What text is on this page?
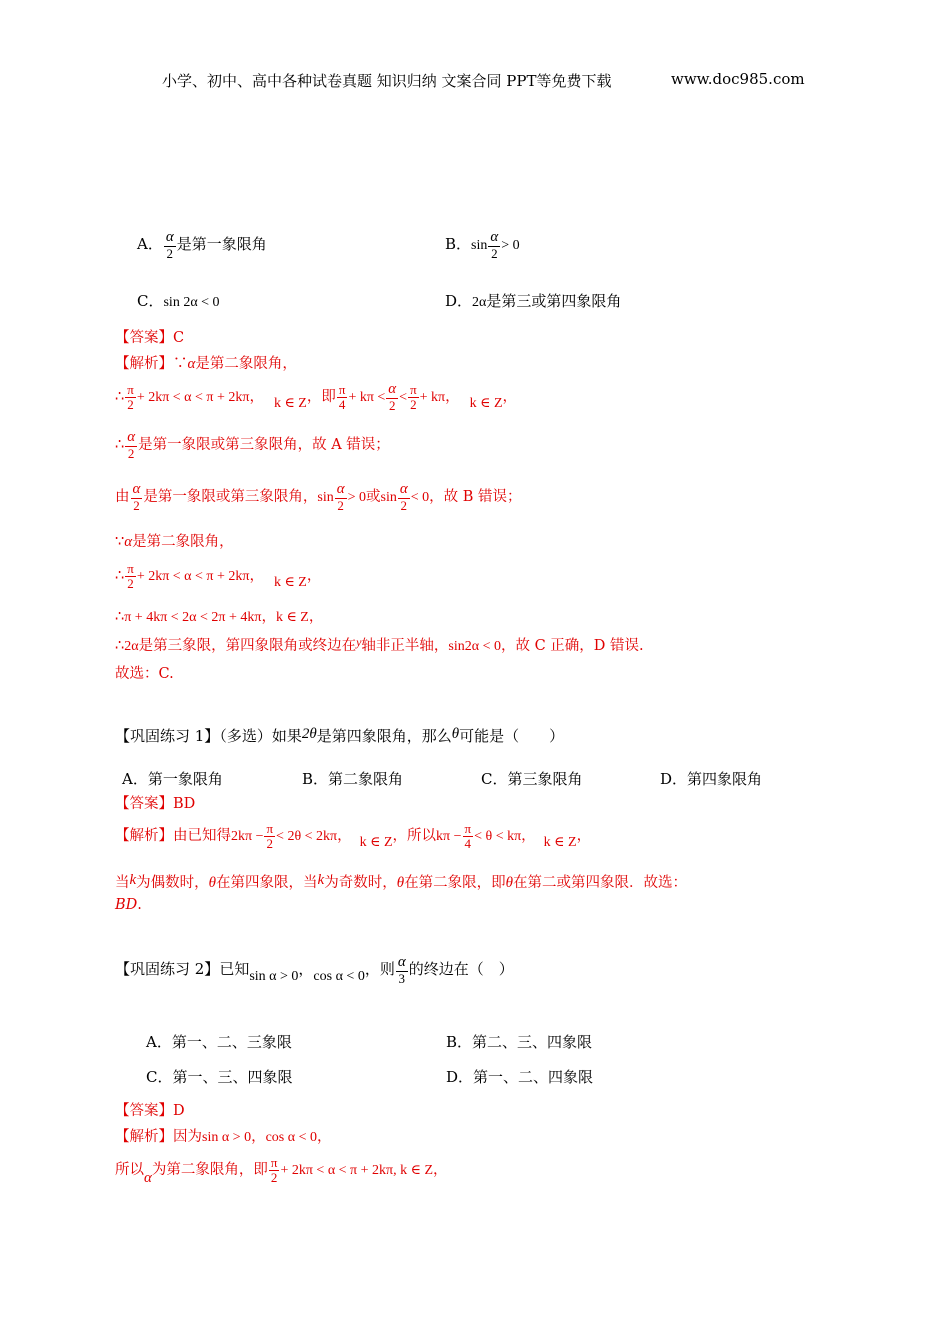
小学、初中、高中各种试卷真题 知识归纳 文案合同 PPT等免费下载	www.doc985.com
A． $\frac{\alpha}{2}$ 是第一象限角	B．$\sin \frac{\alpha}{2} > 0$
C．sin 2α < 0	D．2α是第三或第四象限角
【答案】C
【解析】∵α是第二象限角，
∴ $\frac{\pi}{2} + 2k\pi < \alpha < \pi + 2k\pi$， k ∈ Z，即 $\frac{\pi}{4} + k\pi < \frac{\alpha}{2} < \frac{\pi}{2} + k\pi$， k ∈ Z，
∴ $\frac{\alpha}{2}$ 是第一象限或第三象限角，故 A 错误；
由 $\frac{\alpha}{2}$ 是第一象限或第三象限角，$\sin \frac{\alpha}{2} > 0$或$\sin \frac{\alpha}{2} < 0$，故 B 错误；
∵α是第二象限角，
∴ $\frac{\pi}{2} + 2k\pi < \alpha < \pi + 2k\pi$， k ∈ Z，
∴π + 4kπ < 2α < 2π + 4kπ，k ∈ Z，
∴2α是第三象限，第四象限角或终边在$^y$轴非正半轴，sin2α < 0，故 C 正确，D 错误.
故选：C.
【巩固练习 1】（多选）如果2θ是第四象限角，那么θ可能是（　　）
A．第一象限角	B．第二象限角	C．第三象限角	D．第四象限角
【答案】BD
【解析】由已知得$2k\pi - \frac{\pi}{2} < 2\theta < 2k\pi$， k ∈ Z，所以$k\pi - \frac{\pi}{4} < \theta < k\pi$， k ∈ Z，
当k为偶数时，θ在第四象限，当k为奇数时，θ在第二象限，即θ在第二或第四象限．故选：
BD.
【巩固练习 2】已知sin α > 0，cos α < 0，则 $\frac{\alpha}{3}$ 的终边在（　）
A．第一、二、三象限	B．第二、三、四象限
C．第一、三、四象限	D．第一、二、四象限
【答案】D
【解析】因为sin α > 0，cos α < 0，
所以α为第二象限角，即 $\frac{\pi}{2} + 2k\pi < \alpha < \pi + 2k\pi$, k ∈ Z，
